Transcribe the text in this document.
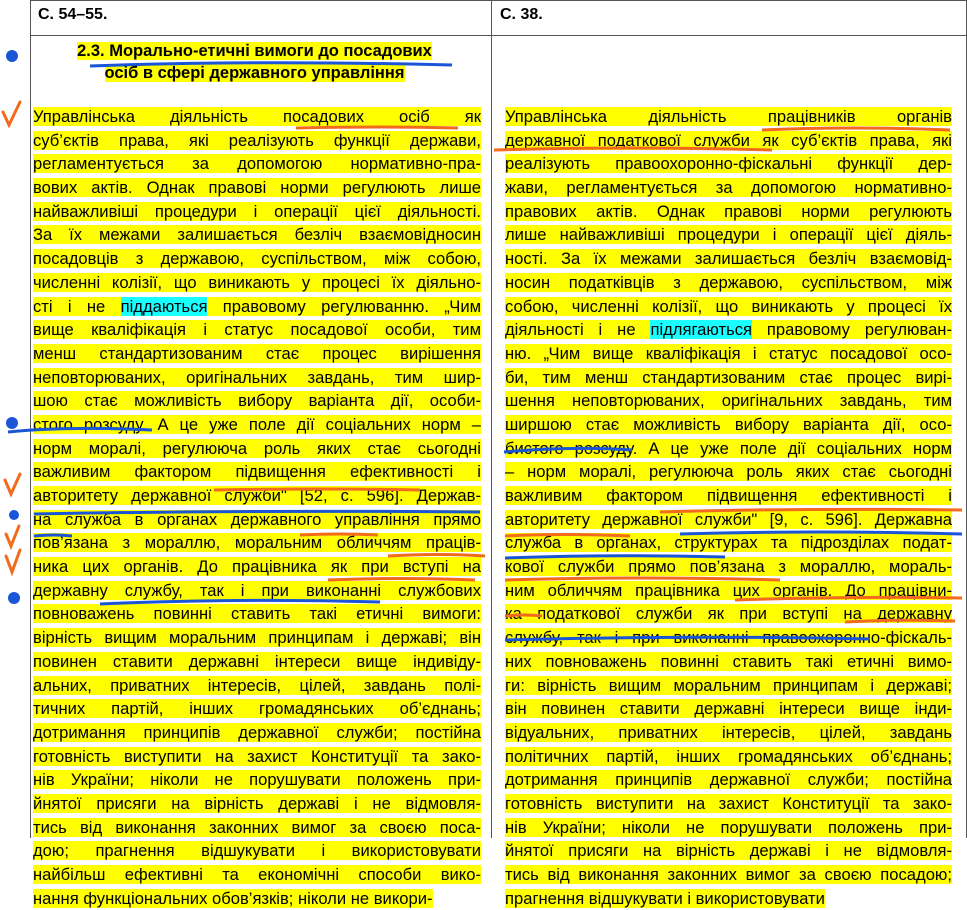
С. 54–55.	С. 38.
2.3. Морально-етичні вимоги до посадових
осіб в сфері державного управління
Управлінська діяльність посадових осіб як
суб’єктів права, які реалізують функції держави,
регламентується за допомогою нормативно-пра-
вових актів. Однак правові норми регулюють лише
найважливіші процедури і операції цієї діяльності.
За їх межами залишається безліч взаємовідносин
посадовців з державою, суспільством, між собою,
численні колізії, що виникають у процесі їх діяльно-
сті і не піддаються правовому регулюванню. „Чим
вище кваліфікація і статус посадової особи, тим
менш стандартизованим стає процес вирішення
неповторюваних, оригінальних завдань, тим шир-
шою стає можливість вибору варіанта дії, особи-
стого розсуду. А це уже поле дії соціальних норм –
норм моралі, регулююча роль яких стає сьогодні
важливим фактором підвищення ефективності і
авторитету державної служби" [52, с. 596]. Держав-
на служба в органах державного управління прямо
пов’язана з мораллю, моральним обличчям праців-
ника цих органів. До працівника як при вступі на
державну службу, так і при виконанні службових
повноважень повинні ставить такі етичні вимоги:
вірність вищим моральним принципам і державі; він
повинен ставити державні інтереси вище індивіду-
альних, приватних інтересів, цілей, завдань полі-
тичних партій, інших громадянських об’єднань;
дотримання принципів державної служби; постійна
готовність виступити на захист Конституції та зако-
нів України; ніколи не порушувати положень при-
йнятої присяги на вірність державі і не відмовля-
тись від виконання законних вимог за своєю поса-
дою; прагнення відшукувати і використовувати
найбільш ефективні та економічні способи вико-
нання функціональних обов’язків; ніколи не викори-
Управлінська діяльність працівників органів
державної податкової служби як суб’єктів права, які
реалізують правоохоронно-фіскальні функції дер-
жави, регламентується за допомогою нормативно-
правових актів. Однак правові норми регулюють
лише найважливіші процедури і операції цієї діяль-
ності. За їх межами залишається безліч взаємовід-
носин податківців з державою, суспільством, між
собою, численні колізії, що виникають у процесі їх
діяльності і не підлягаються правовому регулюван-
ню. „Чим вище кваліфікація і статус посадової осо-
би, тим менш стандартизованим стає процес вирі-
шення неповторюваних, оригінальних завдань, тим
ширшою стає можливість вибору варіанта дії, осо-
бистого розсуду. А це уже поле дії соціальних норм
– норм моралі, регулююча роль яких стає сьогодні
важливим фактором підвищення ефективності і
авторитету державної служби" [9, с. 596]. Державна
служба в органах, структурах та підрозділах подат-
кової служби прямо пов’язана з мораллю, мораль-
ним обличчям працівника цих органів. До працівни-
ка податкової служби як при вступі на державну
службу, так і при виконанні правоохоронно-фіскаль-
них повноважень повинні ставить такі етичні вимо-
ги: вірність вищим моральним принципам і державі;
він повинен ставити державні інтереси вище інди-
відуальних, приватних інтересів, цілей, завдань
політичних партій, інших громадянських об’єднань;
дотримання принципів державної служби; постійна
готовність виступити на захист Конституції та зако-
нів України; ніколи не порушувати положень при-
йнятої присяги на вірність державі і не відмовля-
тись від виконання законних вимог за своєю посадою;
прагнення відшукувати і використовувати
